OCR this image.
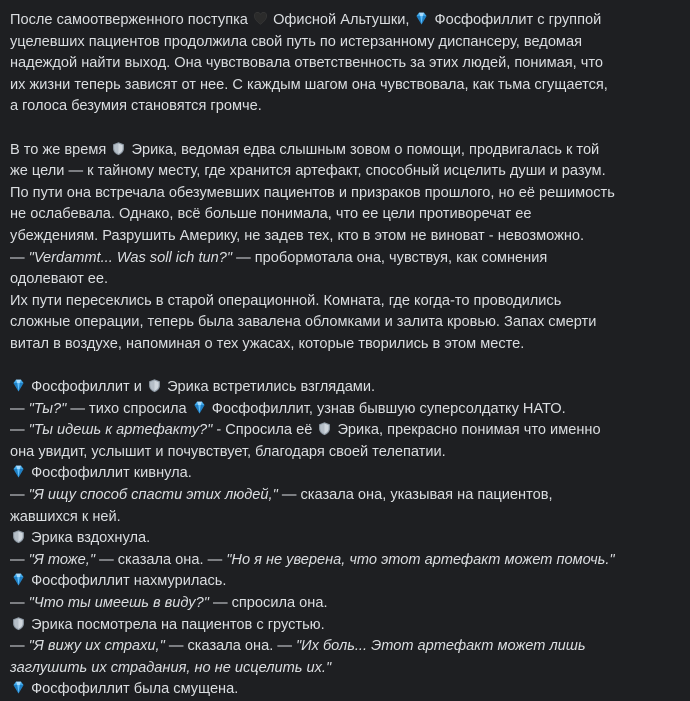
После самоотверженного поступка Офисной Альтушки, Фосфофиллит с группой уцелевших пациентов продолжила свой путь по истерзанному диспансеру, ведомая надеждой найти выход. Она чувствовала ответственность за этих людей, понимая, что их жизни теперь зависят от нее. С каждым шагом она чувствовала, как тьма сгущается, а голоса безумия становятся громче.

В то же время Эрика, ведомая едва слышным зовом о помощи, продвигалась к той же цели — к тайному месту, где хранится артефакт, способный исцелить души и разум. По пути она встречала обезумевших пациентов и призраков прошлого, но её решимость не ослабевала. Однако, всё больше понимала, что ее цели противоречат ее убеждениям. Разрушить Америку, не задев тех, кто в этом не виноват - невозможно.
— "Verdammt... Was soll ich tun?" — пробормотала она, чувствуя, как сомнения одолевают ее.
Их пути пересеклись в старой операционной. Комната, где когда-то проводились сложные операции, теперь была завалена обломками и залита кровью. Запах смерти витал в воздухе, напоминая о тех ужасах, которые творились в этом месте.

Фосфофиллит и Эрика встретились взглядами.
— "Ты?" — тихо спросила Фосфофиллит, узнав бывшую суперсолдатку НАТО.
— "Ты идешь к артефакту?" - Спросила её Эрика, прекрасно понимая что именно она увидит, услышит и почувствует, благодаря своей телепатии.

Фосфофиллит кивнула.
— "Я ищу способ спасти этих людей," — сказала она, указывая на пациентов, жавшихся к ней.

Эрика вздохнула.
— "Я тоже," — сказала она. — "Но я не уверена, что этот артефакт может помочь."

Фосфофиллит нахмурилась.
— "Что ты имеешь в виду?" — спросила она.

Эрика посмотрела на пациентов с грустью.
— "Я вижу их страхи," — сказала она. — "Их боль... Этот артефакт может лишь заглушить их страдания, но не исцелить их."

Фосфофиллит была смущена.
